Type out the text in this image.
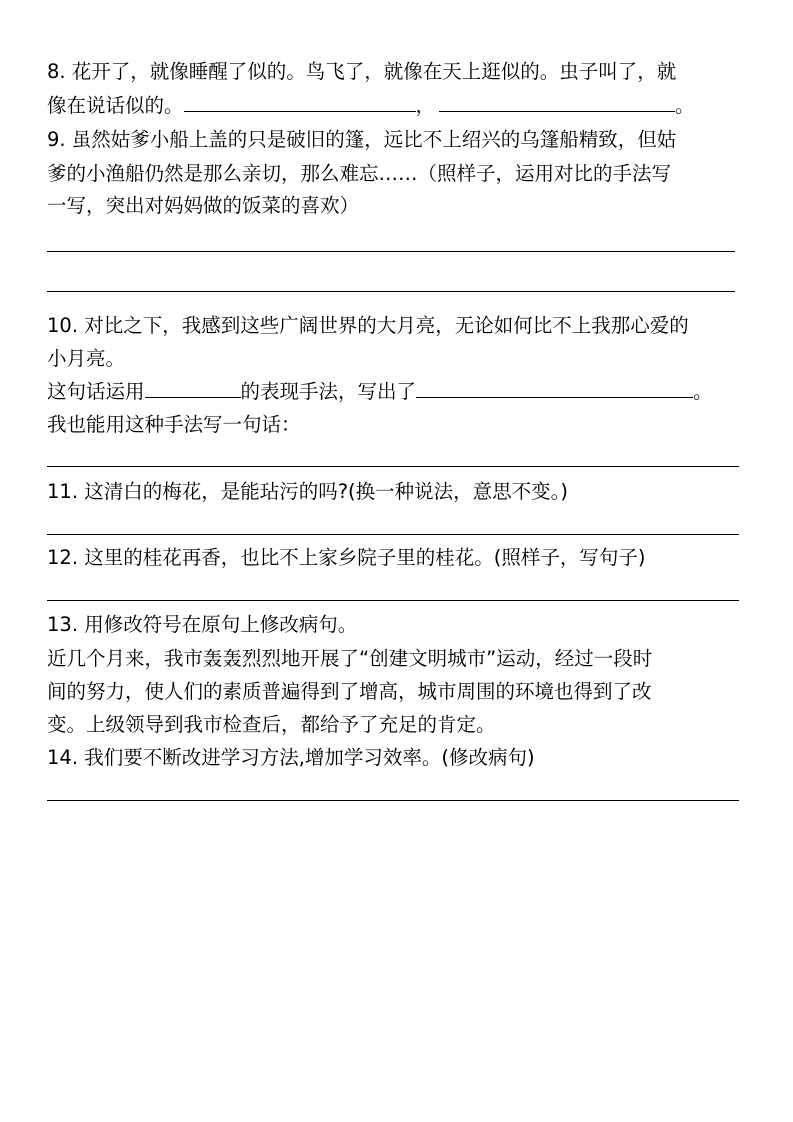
8. 花开了，就像睡醒了似的。鸟飞了，就像在天上逛似的。虫子叫了，就
像在说话似的。	，	。
9. 虽然姑爹小船上盖的只是破旧的篷，远比不上绍兴的乌篷船精致，但姑
爹的小渔船仍然是那么亲切，那么难忘……（照样子，运用对比的手法写
一写，突出对妈妈做的饭菜的喜欢）
10. 对比之下，我感到这些广阔世界的大月亮，无论如何比不上我那心爱的
小月亮。
这句话运用	的表现手法，写出了	。
我也能用这种手法写一句话：
11. 这清白的梅花，是能玷污的吗?(换一种说法，意思不变。)
12. 这里的桂花再香，也比不上家乡院子里的桂花。(照样子，写句子)
13. 用修改符号在原句上修改病句。
近几个月来，我市轰轰烈烈地开展了“创建文明城市”运动，经过一段时
间的努力，使人们的素质普遍得到了增高，城市周围的环境也得到了改
变。上级领导到我市检查后，都给予了充足的肯定。
14. 我们要不断改进学习方法,增加学习效率。(修改病句)
